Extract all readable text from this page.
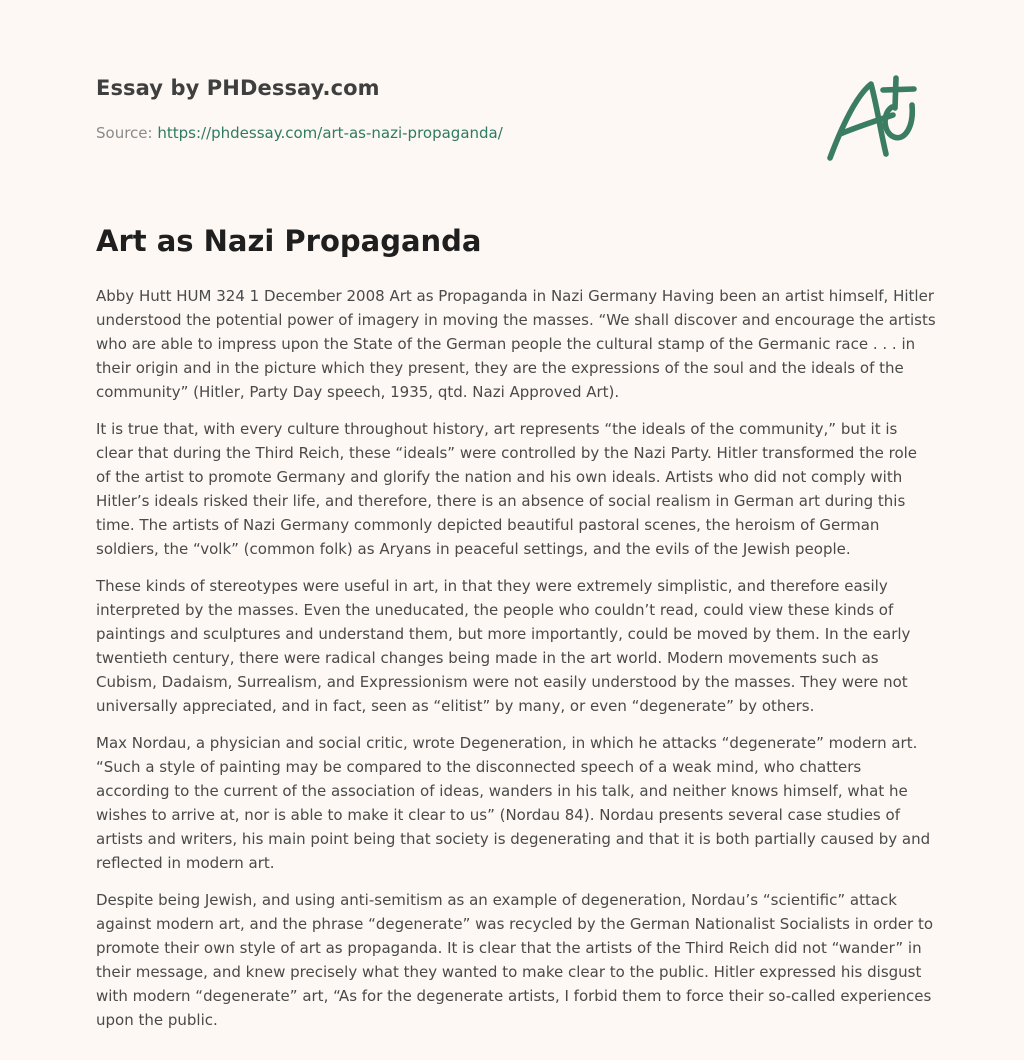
Essay by PHDessay.com
Source: https://phdessay.com/art-as-nazi-propaganda/
Art as Nazi Propaganda

Abby Hutt HUM 324 1 December 2008 Art as Propaganda in Nazi Germany Having been an artist himself, Hitler understood the potential power of imagery in moving the masses. “We shall discover and encourage the artists who are able to impress upon the State of the German people the cultural stamp of the Germanic race . . . in their origin and in the picture which they present, they are the expressions of the soul and the ideals of the community” (Hitler, Party Day speech, 1935, qtd. Nazi Approved Art).

It is true that, with every culture throughout history, art represents “the ideals of the community,” but it is clear that during the Third Reich, these “ideals” were controlled by the Nazi Party. Hitler transformed the role of the artist to promote Germany and glorify the nation and his own ideals. Artists who did not comply with Hitler’s ideals risked their life, and therefore, there is an absence of social realism in German art during this time. The artists of Nazi Germany commonly depicted beautiful pastoral scenes, the heroism of German soldiers, the “volk” (common folk) as Aryans in peaceful settings, and the evils of the Jewish people.

These kinds of stereotypes were useful in art, in that they were extremely simplistic, and therefore easily interpreted by the masses. Even the uneducated, the people who couldn’t read, could view these kinds of paintings and sculptures and understand them, but more importantly, could be moved by them. In the early twentieth century, there were radical changes being made in the art world. Modern movements such as Cubism, Dadaism, Surrealism, and Expressionism were not easily understood by the masses. They were not universally appreciated, and in fact, seen as “elitist” by many, or even “degenerate” by others.

Max Nordau, a physician and social critic, wrote Degeneration, in which he attacks “degenerate” modern art. “Such a style of painting may be compared to the disconnected speech of a weak mind, who chatters according to the current of the association of ideas, wanders in his talk, and neither knows himself, what he wishes to arrive at, nor is able to make it clear to us” (Nordau 84). Nordau presents several case studies of artists and writers, his main point being that society is degenerating and that it is both partially caused by and reflected in modern art.

Despite being Jewish, and using anti-semitism as an example of degeneration, Nordau’s “scientific” attack against modern art, and the phrase “degenerate” was recycled by the German Nationalist Socialists in order to promote their own style of art as propaganda. It is clear that the artists of the Third Reich did not “wander” in their message, and knew precisely what they wanted to make clear to the public. Hitler expressed his disgust with modern “degenerate” art, “As for the degenerate artists, I forbid them to force their so-called experiences upon the public.
